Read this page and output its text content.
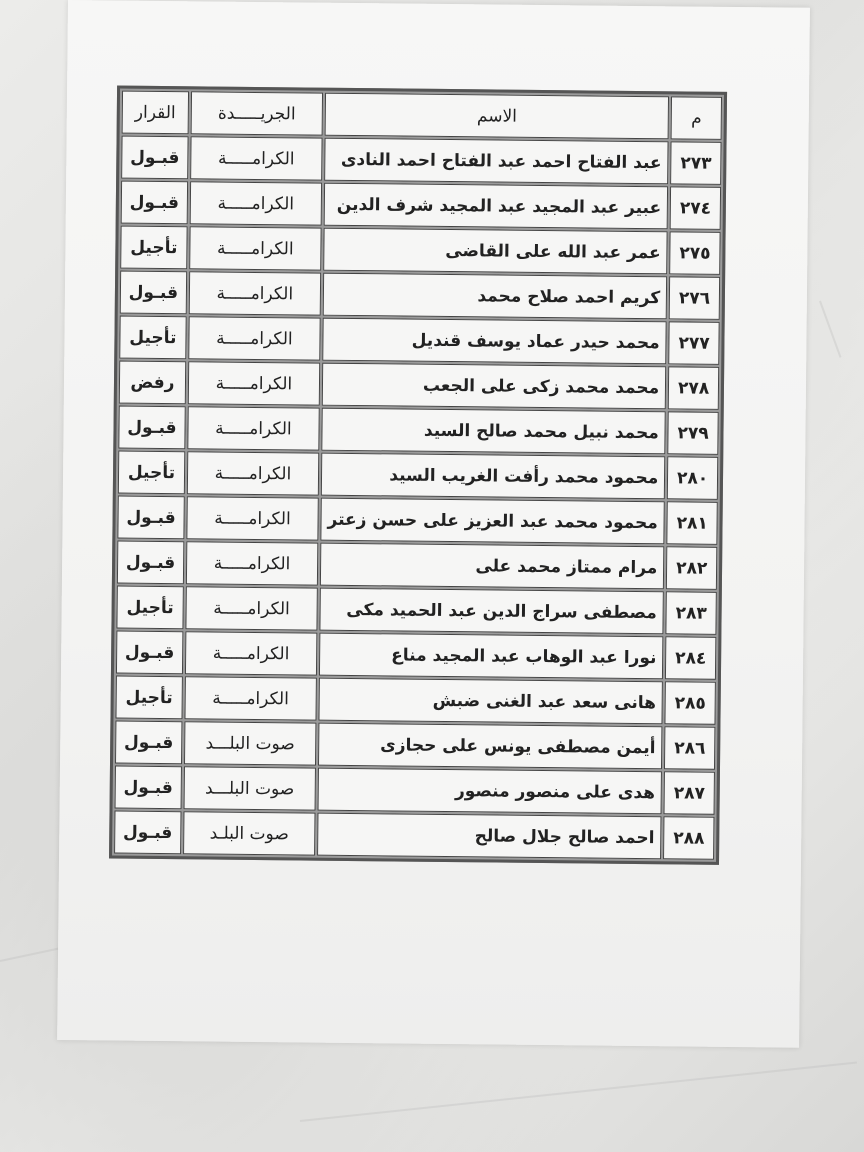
م	الاسم	الجريـــــدة	القرار
٢٧٣	عبد الفتاح احمد عبد الفتاح احمد النادى	الكرامـــــة	قبـول
٢٧٤	عبير عبد المجيد عبد المجيد شرف الدين	الكرامـــــة	قبـول
٢٧٥	عمر عبد الله على القاضى	الكرامـــــة	تأجيل
٢٧٦	كريم احمد صلاح محمد	الكرامـــــة	قبـول
٢٧٧	محمد حيدر عماد يوسف قنديل	الكرامـــــة	تأجيل
٢٧٨	محمد محمد زكى على الجعب	الكرامـــــة	رفض
٢٧٩	محمد نبيل محمد صالح السيد	الكرامـــــة	قبـول
٢٨٠	محمود محمد رأفت الغريب السيد	الكرامـــــة	تأجيل
٢٨١	محمود محمد عبد العزيز على حسن زعتر	الكرامـــــة	قبـول
٢٨٢	مرام ممتاز محمد على	الكرامـــــة	قبـول
٢٨٣	مصطفى سراج الدين عبد الحميد مكى	الكرامـــــة	تأجيل
٢٨٤	نورا عبد الوهاب عبد المجيد مناع	الكرامـــــة	قبـول
٢٨٥	هانى سعد عبد الغنى ضبش	الكرامـــــة	تأجيل
٢٨٦	أيمن مصطفى يونس على حجازى	صوت البلـــد	قبـول
٢٨٧	هدى على منصور منصور	صوت البلـــد	قبـول
٢٨٨	احمد صالح جلال صالح	صوت البلـد	قبـول
